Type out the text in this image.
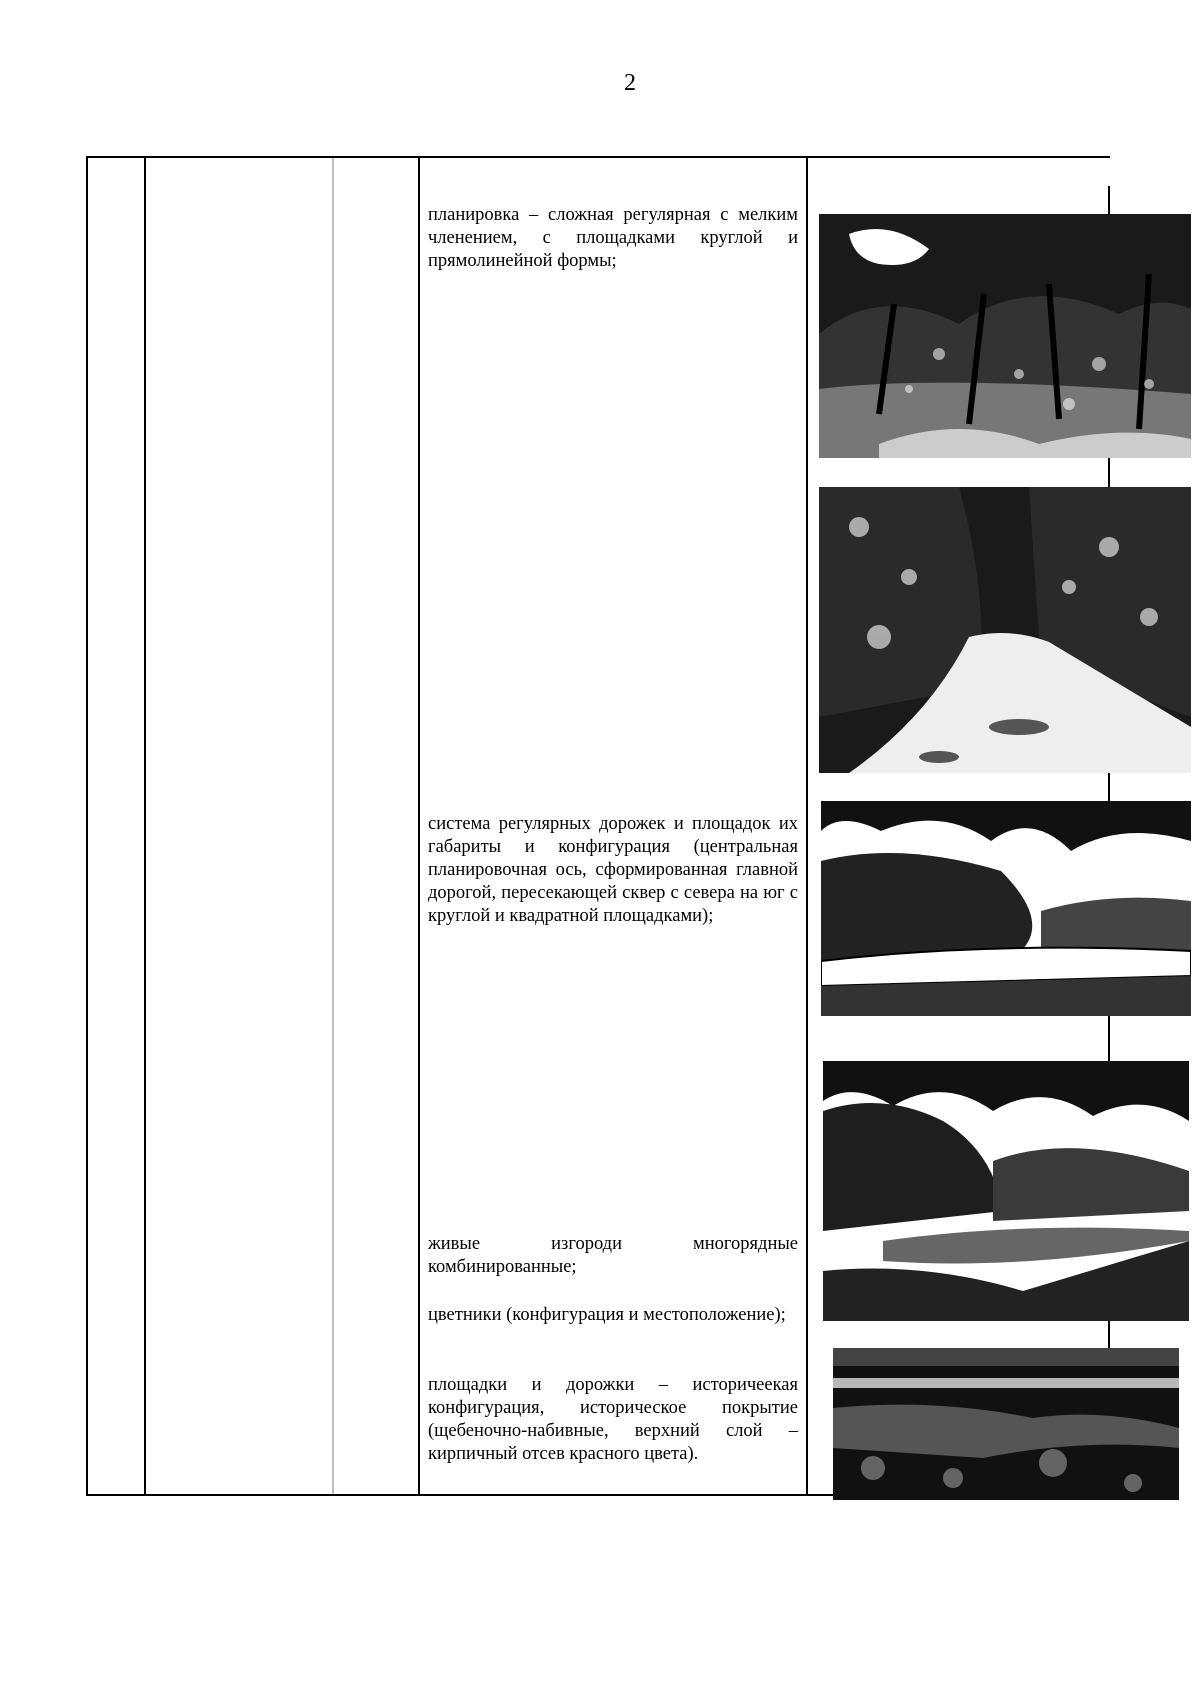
2
планировка – сложная регулярная с мелким членением, с площадками круглой и прямолинейной формы;
система регулярных дорожек и площадок их габариты и конфигурация (центральная планировочная ось, сформированная главной дорогой, пересекающей сквер с севера на юг с круглой и квадратной площадками);
живые изгороди многорядные комбинированные;
цветники (конфигурация и местоположение);
площадки и дорожки – историчеекая конфигурация, историческое покрытие (щебеночно-набивные, верхний слой – кирпичный отсев красного цвета).
